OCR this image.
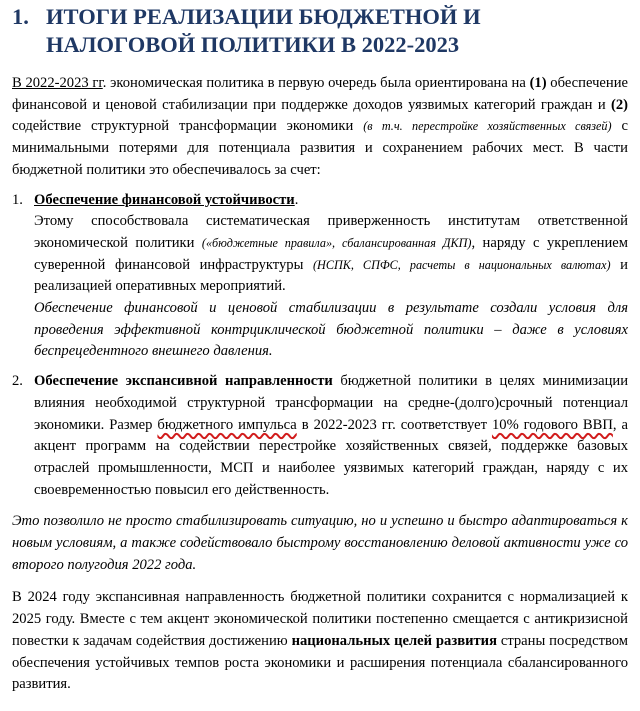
1. ИТОГИ РЕАЛИЗАЦИИ БЮДЖЕТНОЙ И НАЛОГОВОЙ ПОЛИТИКИ В 2022-2023

В 2022-2023 гг. экономическая политика в первую очередь была ориентирована на (1) обеспечение финансовой и ценовой стабилизации при поддержке доходов уязвимых категорий граждан и (2) содействие структурной трансформации экономики (в т.ч. перестройке хозяйственных связей) с минимальными потерями для потенциала развития и сохранением рабочих мест. В части бюджетной политики это обеспечивалось за счет:

1. Обеспечение финансовой устойчивости.
Этому способствовала систематическая приверженность институтам ответственной экономической политики («бюджетные правила», сбалансированная ДКП), наряду с укреплением суверенной финансовой инфраструктуры (НСПК, СПФС, расчеты в национальных валютах) и реализацией оперативных мероприятий.

Обеспечение финансовой и ценовой стабилизации в результате создали условия для проведения эффективной контрциклической бюджетной политики – даже в условиях беспрецедентного внешнего давления.

2. Обеспечение экспансивной направленности бюджетной политики в целях минимизации влияния необходимой структурной трансформации на средне-(долго)срочный потенциал экономики. Размер бюджетного импульса в 2022-2023 гг. соответствует 10% годового ВВП, а акцент программ на содействии перестройке хозяйственных связей, поддержке базовых отраслей промышленности, МСП и наиболее уязвимых категорий граждан, наряду с их своевременностью повысил его действенность.

Это позволило не просто стабилизировать ситуацию, но и успешно и быстро адаптироваться к новым условиям, а также содействовало быстрому восстановлению деловой активности уже со второго полугодия 2022 года.

В 2024 году экспансивная направленность бюджетной политики сохранится с нормализацией к 2025 году. Вместе с тем акцент экономической политики постепенно смещается с антикризисной повестки к задачам содействия достижению национальных целей развития страны посредством обеспечения устойчивых темпов роста экономики и расширения потенциала сбалансированного развития.
